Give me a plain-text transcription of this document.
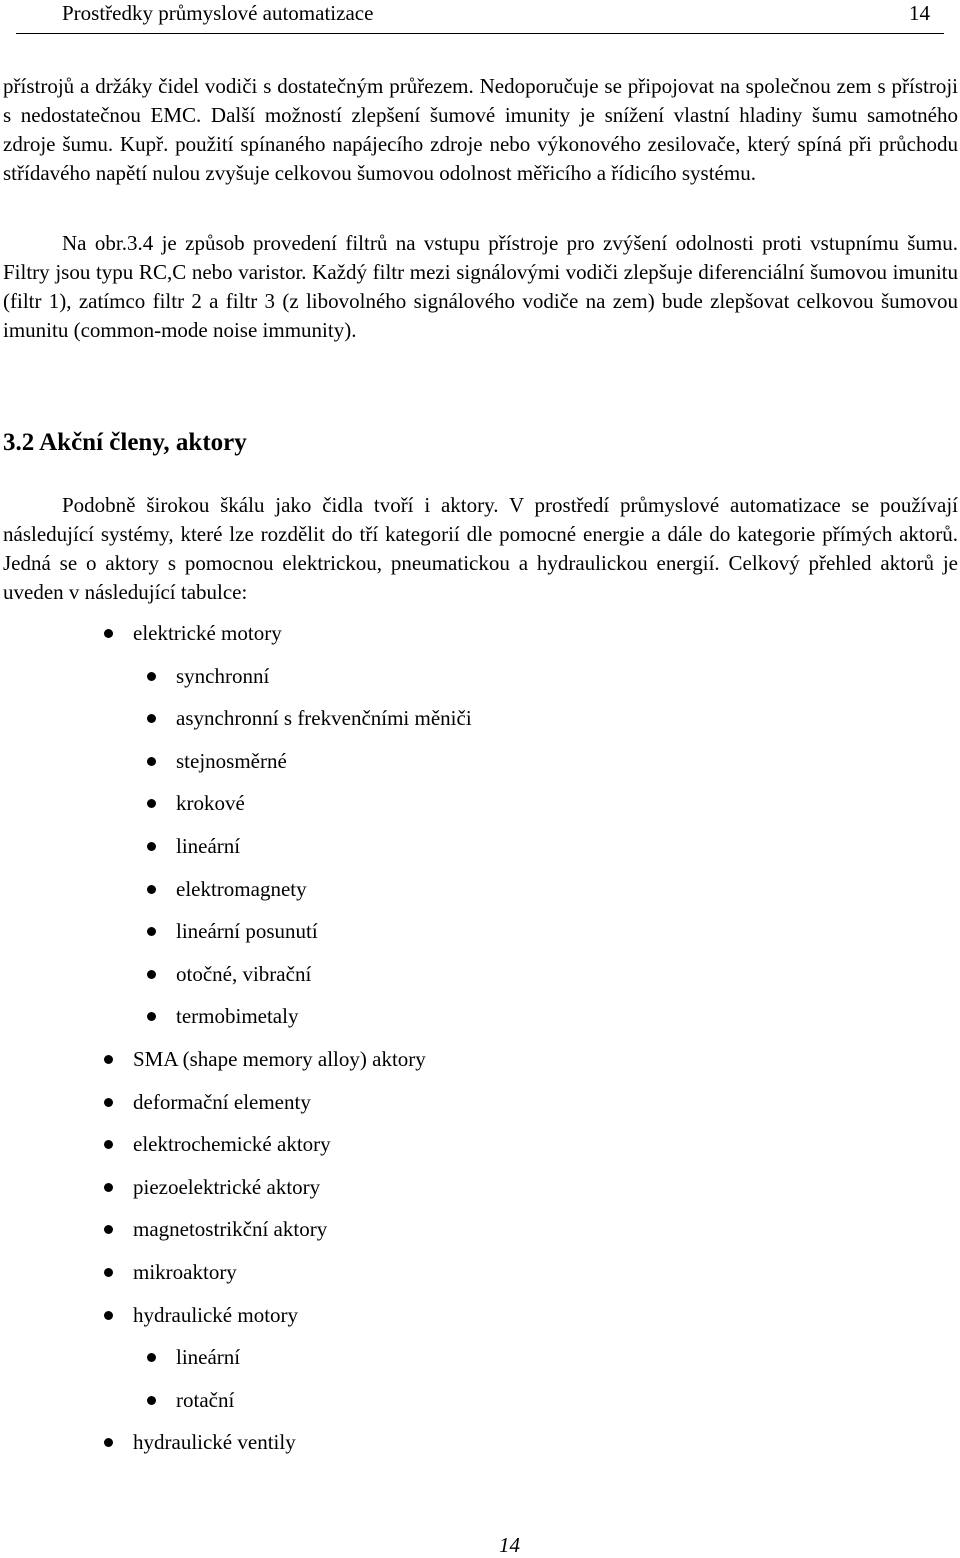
Prostředky průmyslové automatizace	14

přístrojů a držáky čidel vodiči s dostatečným průřezem. Nedoporučuje se připojovat na společnou zem s přístroji s nedostatečnou EMC. Další možností zlepšení šumové imunity je snížení vlastní hladiny šumu samotného zdroje šumu. Kupř. použití spínaného napájecího zdroje nebo výkonového zesilovače, který spíná při průchodu střídavého napětí nulou zvyšuje celkovou šumovou odolnost měřicího a řídicího systému.

Na obr.3.4 je způsob provedení filtrů na vstupu přístroje pro zvýšení odolnosti proti vstupnímu šumu. Filtry jsou typu RC,C nebo varistor. Každý filtr mezi signálovými vodiči zlepšuje diferenciální šumovou imunitu (filtr 1), zatímco filtr 2 a filtr 3 (z libovolného signálového vodiče na zem) bude zlepšovat celkovou šumovou imunitu (common-mode noise immunity).

3.2 Akční členy, aktory

Podobně širokou škálu jako čidla tvoří i aktory. V prostředí průmyslové automatizace se používají následující systémy, které lze rozdělit do tří kategorií dle pomocné energie a dále do kategorie přímých aktorů. Jedná se o aktory s pomocnou elektrickou, pneumatickou a hydraulickou energií. Celkový přehled aktorů je uveden v následující tabulce:

elektrické motory
synchronní
asynchronní s frekvenčními měniči
stejnosměrné
krokové
lineární
elektromagnety
lineární posunutí
otočné, vibrační
termobimetaly
SMA (shape memory alloy) aktory
deformační elementy
elektrochemické aktory
piezoelektrické aktory
magnetostrikční aktory
mikroaktory
hydraulické motory
lineární
rotační
hydraulické ventily
14
